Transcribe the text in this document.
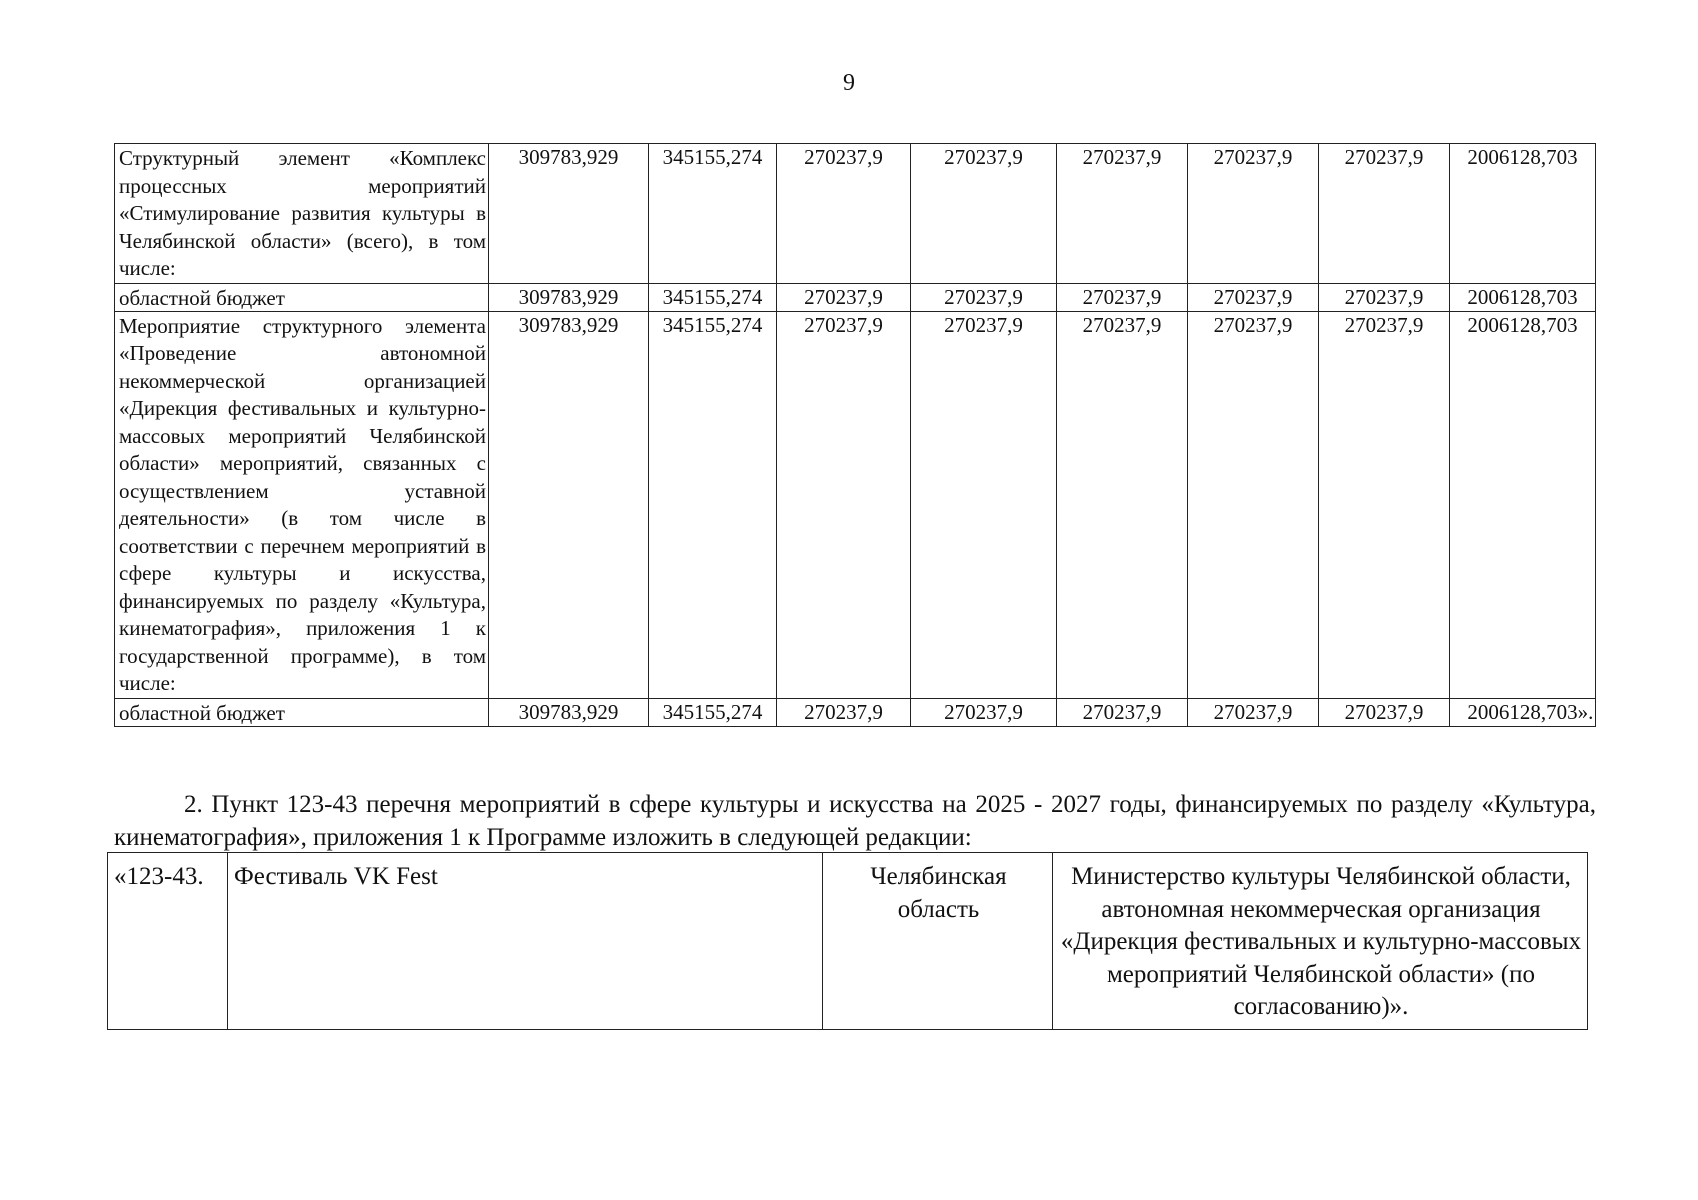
9
Структурный элемент «Комплекс процессных мероприятий «Стимулирование развития культуры в Челябинской области» (всего), в том числе:	309783,929	345155,274	270237,9	270237,9	270237,9	270237,9	270237,9	2006128,703
областной бюджет	309783,929	345155,274	270237,9	270237,9	270237,9	270237,9	270237,9	2006128,703
Мероприятие структурного элемента «Проведение автономной некоммерческой организацией «Дирекция фестивальных и культурно-массовых мероприятий Челябинской области» мероприятий, связанных с осуществлением уставной деятельности» (в том числе в соответствии с перечнем мероприятий в сфере культуры и искусства, финансируемых по разделу «Культура, кинематография», приложения 1 к государственной программе), в том числе:	309783,929	345155,274	270237,9	270237,9	270237,9	270237,9	270237,9	2006128,703
областной бюджет	309783,929	345155,274	270237,9	270237,9	270237,9	270237,9	270237,9	2006128,703 ».

2. Пункт 123-43 перечня мероприятий в сфере культуры и искусства на 2025 - 2027 годы, финансируемых по разделу «Культура, кинематография», приложения 1 к Программе изложить в следующей редакции:

«123-43.	Фестиваль VK Fest	Челябинская область	Министерство культуры Челябинской области, автономная некоммерческая организация «Дирекция фестивальных и культурно-массовых мероприятий Челябинской области» (по согласованию)».
